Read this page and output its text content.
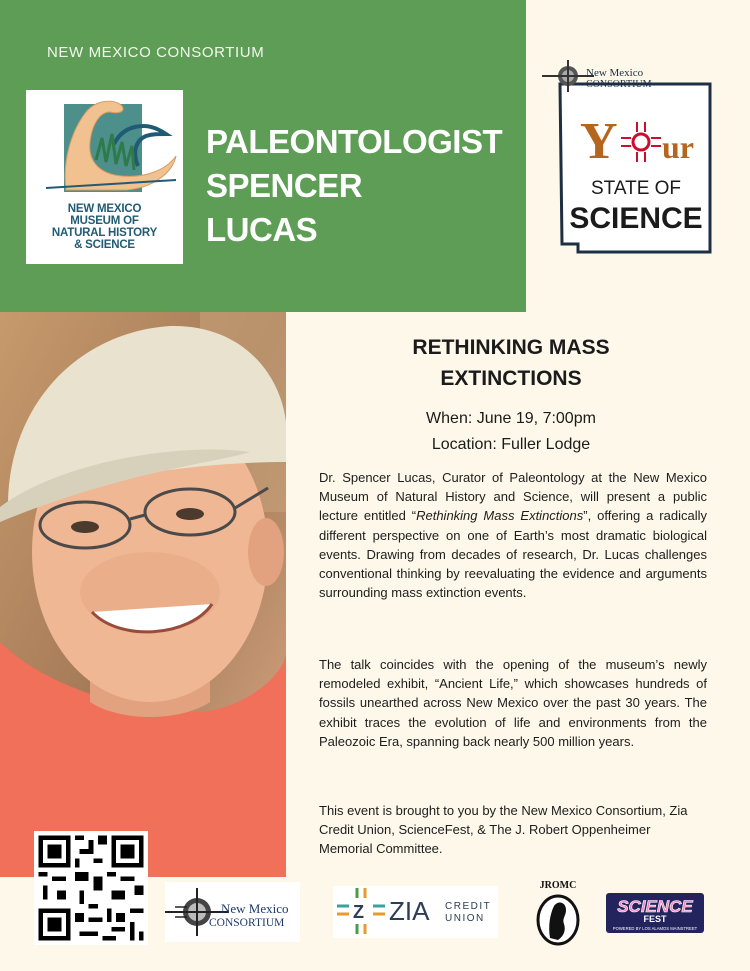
NEW MEXICO CONSORTIUM
NEW MEXICO
MUSEUM OF
NATURAL HISTORY
& SCIENCE
PALEONTOLOGIST
SPENCER
LUCAS
New Mexico
CONSORTIUM
Y ur
STATE OF
SCIENCE
RETHINKING MASS
EXTINCTIONS
When: June 19, 7:00pm
Location: Fuller Lodge
Dr. Spencer Lucas, Curator of Paleontology at the New Mexico Museum of Natural History and Science, will present a public lecture entitled “Rethinking Mass Extinctions”, offering a radically different perspective on one of Earth’s most dramatic biological events. Drawing from decades of research, Dr. Lucas challenges conventional thinking by reevaluating the evidence and arguments surrounding mass extinction events.
The talk coincides with the opening of the museum’s newly remodeled exhibit, “Ancient Life,” which showcases hundreds of fossils unearthed across New Mexico over the past 30 years. The exhibit traces the evolution of life and environments from the Paleozoic Era, spanning back nearly 500 million years.
This event is brought to you by the New Mexico Consortium, Zia Credit Union, ScienceFest, & The J. Robert Oppenheimer Memorial Committee.
New Mexico
CONSORTIUM
Z ZIA CREDIT
UNION
JROMC
SCIENCE
FEST
POWERED BY LOS ALAMOS MAINSTREET
